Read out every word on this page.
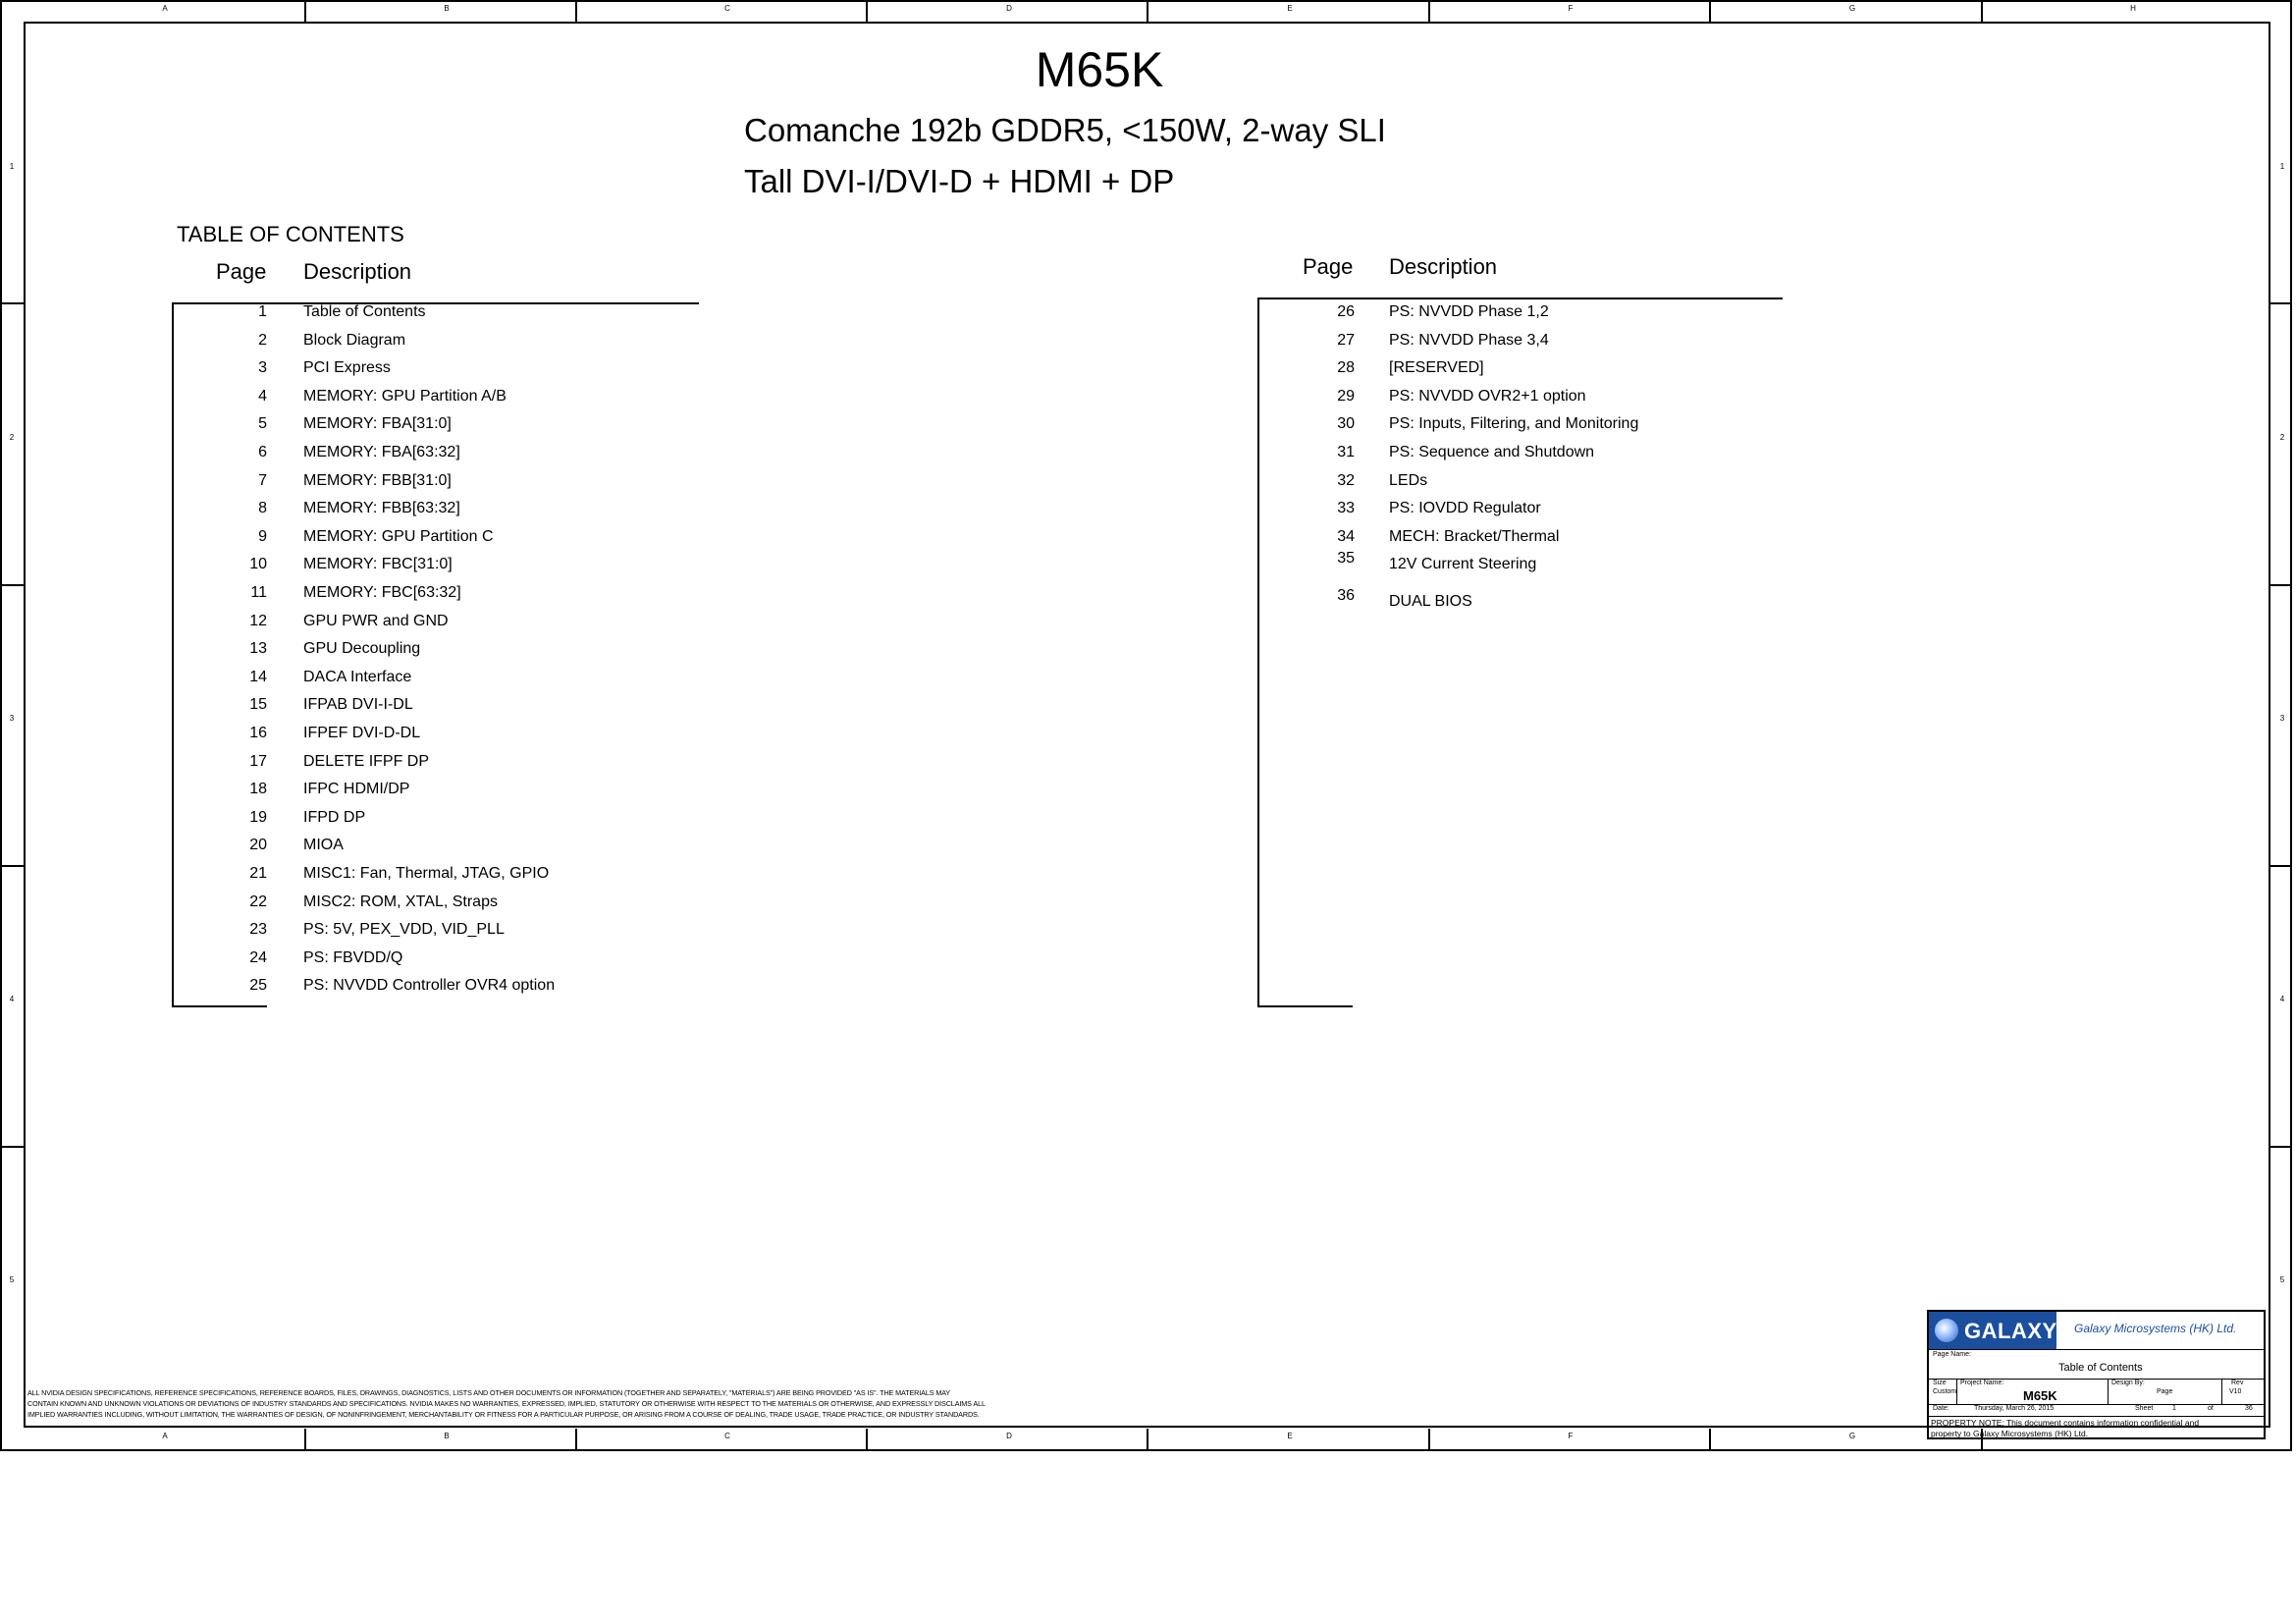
A	B	C	D	E	F	G	H
A	B	C	D	E	F	G
1	1
2	2
3	3
4	4
5	5
M65K
Comanche 192b GDDR5, <150W, 2-way SLI
Tall DVI-I/DVI-D + HDMI + DP
TABLE OF CONTENTS
Page Description	Page Description
1 Table of Contents
2 Block Diagram
3 PCI Express
4 MEMORY: GPU Partition A/B
5 MEMORY: FBA[31:0]
6 MEMORY: FBA[63:32]
7 MEMORY: FBB[31:0]
8 MEMORY: FBB[63:32]
9 MEMORY: GPU Partition C
10 MEMORY: FBC[31:0]
11 MEMORY: FBC[63:32]
12 GPU PWR and GND
13 GPU Decoupling
14 DACA Interface
15 IFPAB DVI-I-DL
16 IFPEF DVI-D-DL
17 DELETE IFPF DP
18 IFPC HDMI/DP
19 IFPD DP
20 MIOA
21 MISC1: Fan, Thermal, JTAG, GPIO
22 MISC2: ROM, XTAL, Straps
23 PS: 5V, PEX_VDD, VID_PLL
24 PS: FBVDD/Q
25 PS: NVVDD Controller OVR4 option
26 PS: NVVDD Phase 1,2
27 PS: NVVDD Phase 3,4
28 [RESERVED]
29 PS: NVVDD OVR2+1 option
30 PS: Inputs, Filtering, and Monitoring
31 PS: Sequence and Shutdown
32 LEDs
33 PS: IOVDD Regulator
34 MECH: Bracket/Thermal
35 12V Current Steering
36 DUAL BIOS
ALL NVIDIA DESIGN SPECIFICATIONS, REFERENCE SPECIFICATIONS, REFERENCE BOARDS, FILES, DRAWINGS, DIAGNOSTICS, LISTS AND OTHER DOCUMENTS OR INFORMATION (TOGETHER AND SEPARATELY, "MATERIALS") ARE BEING PROVIDED "AS IS". THE MATERIALS MAY
CONTAIN KNOWN AND UNKNOWN VIOLATIONS OR DEVIATIONS OF INDUSTRY STANDARDS AND SPECIFICATIONS. NVIDIA MAKES NO WARRANTIES, EXPRESSED, IMPLIED, STATUTORY OR OTHERWISE WITH RESPECT TO THE MATERIALS OR OTHERWISE, AND EXPRESSLY DISCLAIMS ALL
IMPLIED WARRANTIES INCLUDING, WITHOUT LIMITATION, THE WARRANTIES OF DESIGN, OF NONINFRINGEMENT, MERCHANTABILITY OR FITNESS FOR A PARTICULAR PURPOSE, OR ARISING FROM A COURSE OF DEALING, TRADE USAGE, TRADE PRACTICE, OR INDUSTRY STANDARDS.
GALAXY Galaxy Microsystems (HK) Ltd.
Page Name:
Table of Contents
Size
Custom
Project Name:
M65K
Design By:
Page
Rev
V10
Date:	Thursday, March 26, 2015	Sheet	1	of	36
PROPERTY NOTE: This document contains information confidential and
property to Galaxy Microsystems (HK) Ltd.
